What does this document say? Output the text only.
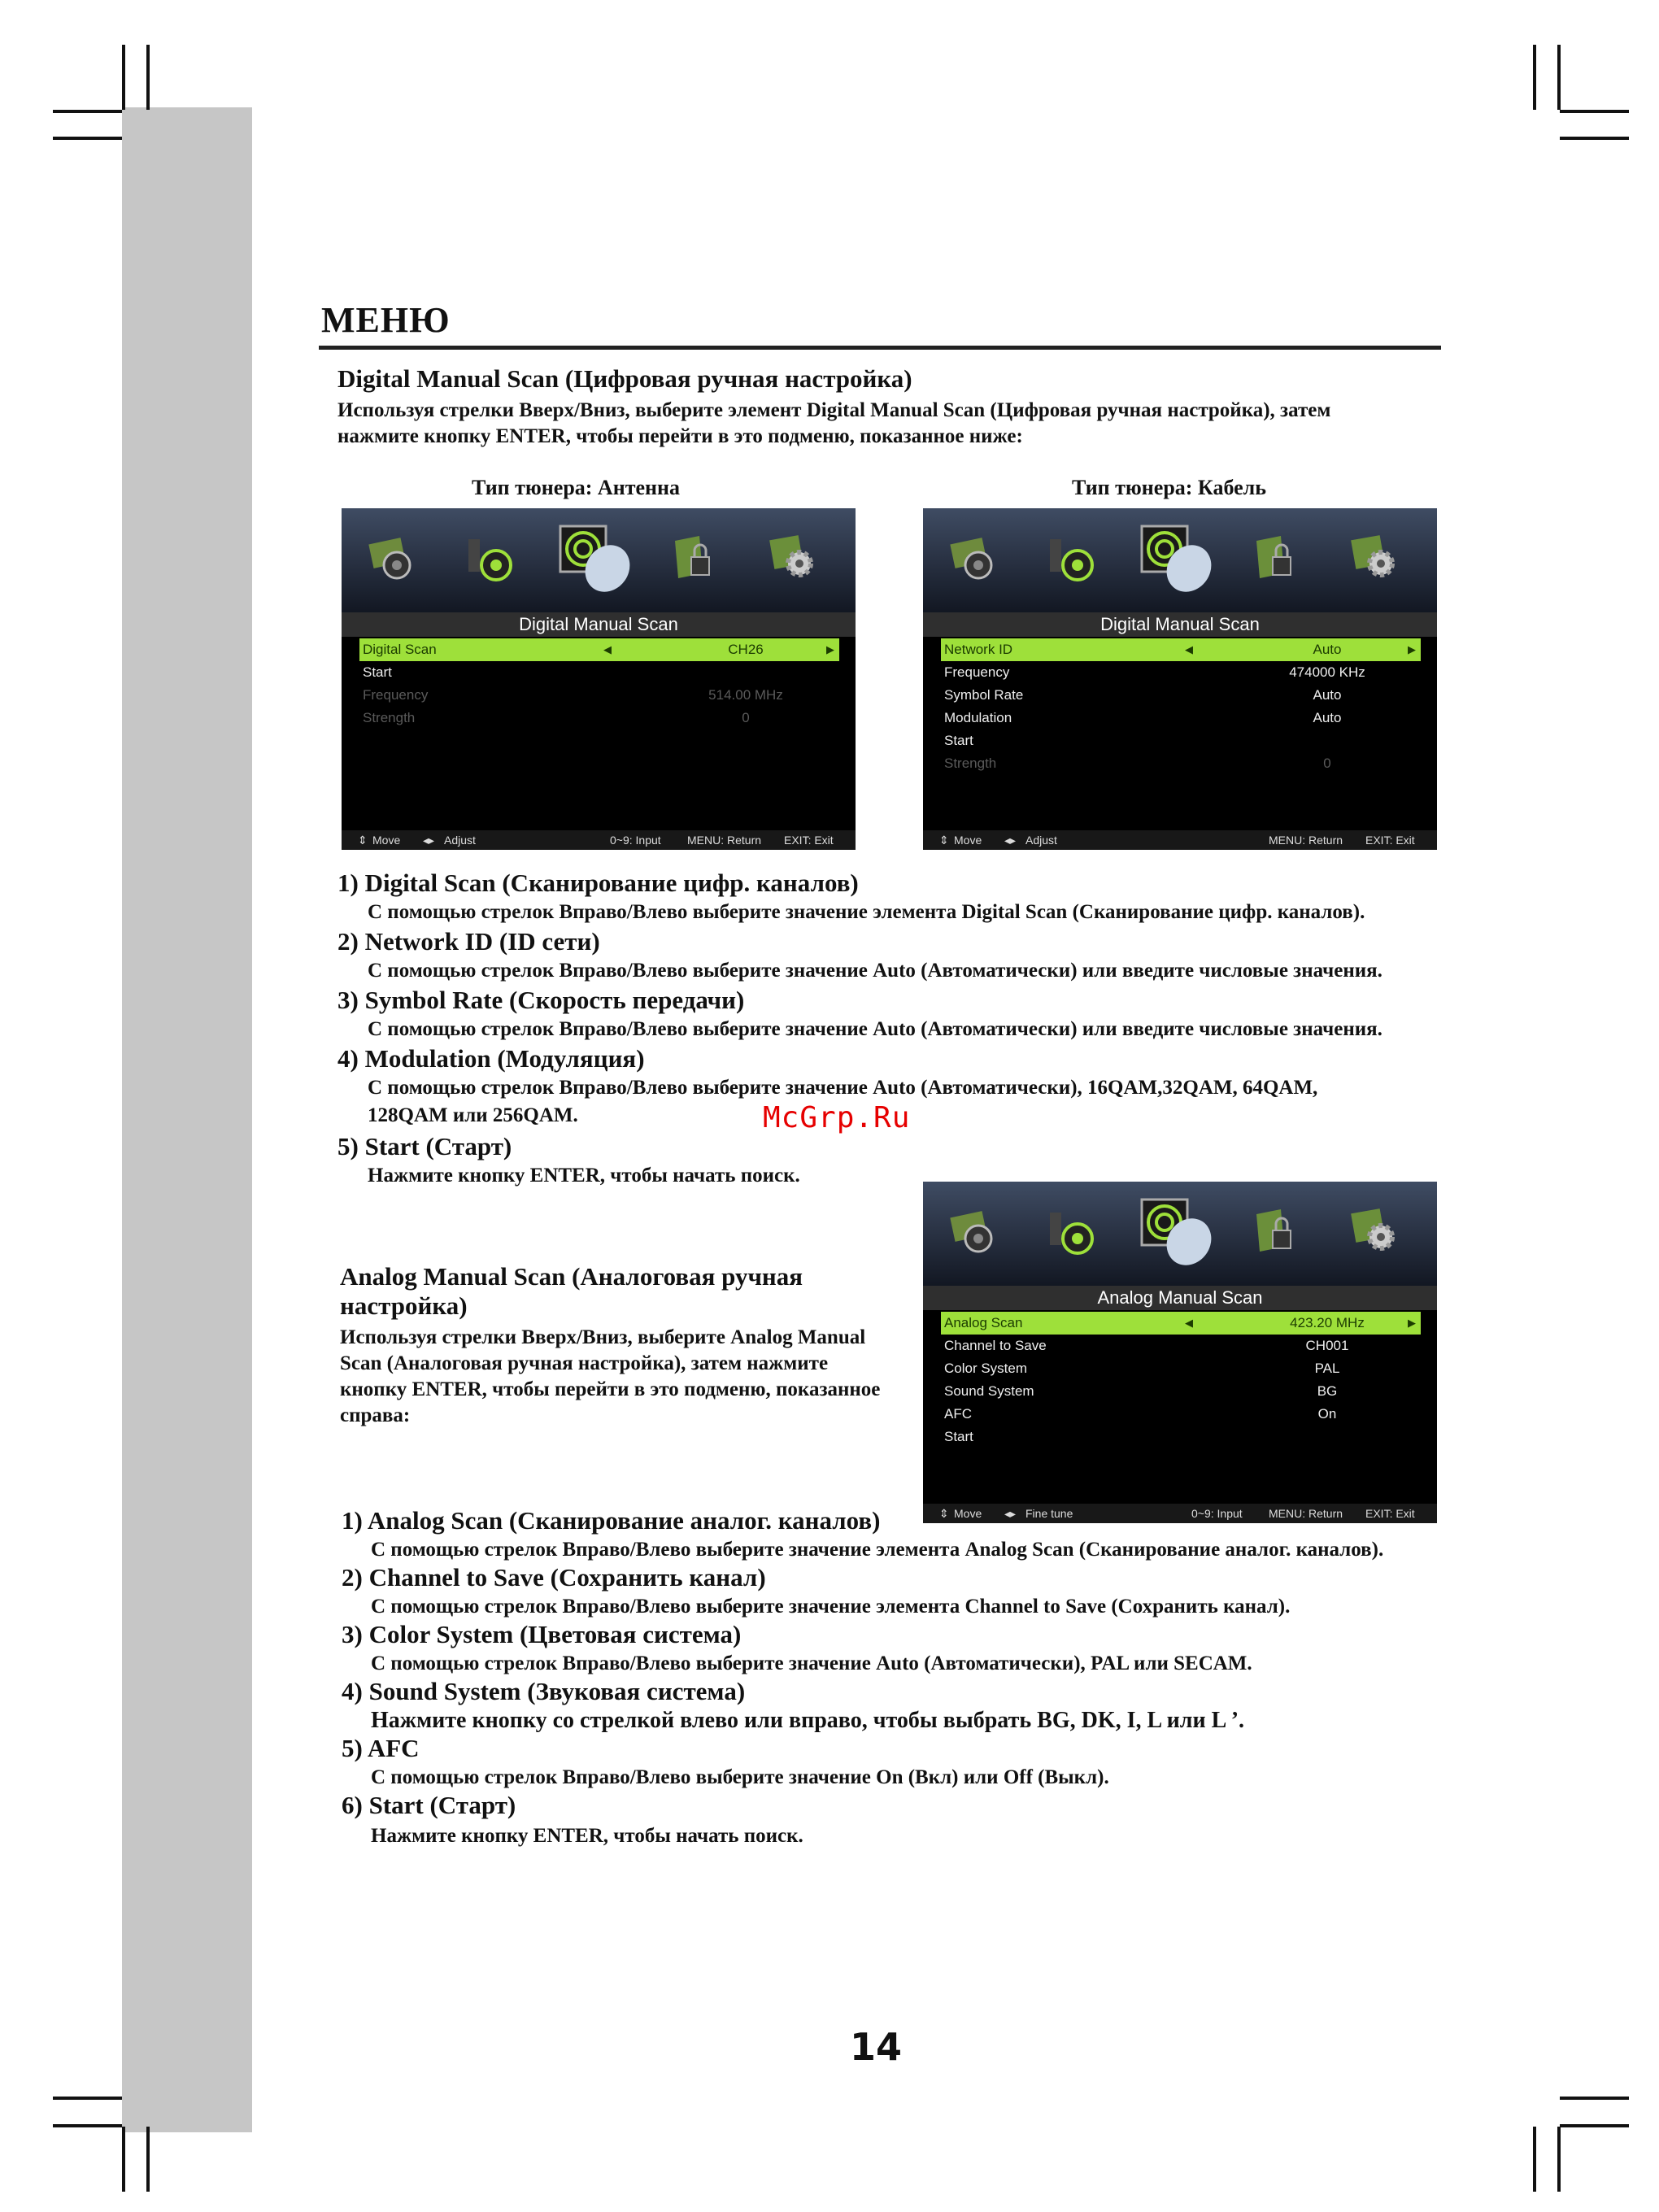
МЕНЮ
Digital Manual Scan (Цифровая ручная настройка)
Используя стрелки Вверх/Вниз, выберите элемент Digital Manual Scan (Цифровая ручная настройка), затем
нажмите кнопку ENTER, чтобы перейти в это подменю, показанное ниже:
Тип тюнера: Антенна	Тип тюнера: Кабель
Digital Manual Scan
Digital Scan	◀	CH26	▶
Start
Frequency	514.00 MHz
Strength	0
⇕ Move ◂▸ Adjust	0~9: Input MENU: Return EXIT: Exit
Digital Manual Scan
Network ID	◀	Auto	▶
Frequency	474000 KHz
Symbol Rate	Auto
Modulation	Auto
Start
Strength	0
⇕ Move ◂▸ Adjust	MENU: Return EXIT: Exit
1) Digital Scan (Сканирование цифр. каналов)
С помощью стрелок Вправо/Влево выберите значение элемента Digital Scan (Сканирование цифр. каналов).
2) Network ID (ID сети)
С помощью стрелок Вправо/Влево выберите значение Auto (Автоматически) или введите числовые значения.
3) Symbol Rate (Скорость передачи)
С помощью стрелок Вправо/Влево выберите значение Auto (Автоматически) или введите числовые значения.
4) Modulation (Модуляция)
С помощью стрелок Вправо/Влево выберите значение Auto (Автоматически), 16QAM,32QAM, 64QAM,
128QAM или 256QAM.
5) Start (Старт)
Нажмите кнопку ENTER, чтобы начать поиск.
McGrp.Ru
Analog Manual Scan (Аналоговая ручная
настройка)
Используя стрелки Вверх/Вниз, выберите Analog Manual
Scan (Аналоговая ручная настройка), затем нажмите
кнопку ENTER, чтобы перейти в это подменю, показанное
справа:
Analog Manual Scan
Analog Scan	◀	423.20 MHz	▶
Channel to Save	CH001
Color System	PAL
Sound System	BG
AFC	On
Start
⇕ Move ◂▸ Fine tune	0~9: Input MENU: Return EXIT: Exit
1) Analog Scan (Сканирование аналог. каналов)
С помощью стрелок Вправо/Влево выберите значение элемента Analog Scan (Сканирование аналог. каналов).
2) Channel to Save (Сохранить канал)
С помощью стрелок Вправо/Влево выберите значение элемента Channel to Save (Сохранить канал).
3) Color System (Цветовая система)
С помощью стрелок Вправо/Влево выберите значение Auto (Автоматически), PAL или SECAM.
4) Sound System (Звуковая система)
Нажмите кнопку со стрелкой влево или вправо, чтобы выбрать BG, DK, I, L или L ’.
5) AFC
С помощью стрелок Вправо/Влево выберите значение On (Вкл) или Off (Выкл).
6) Start (Старт)
Нажмите кнопку ENTER, чтобы начать поиск.
14
